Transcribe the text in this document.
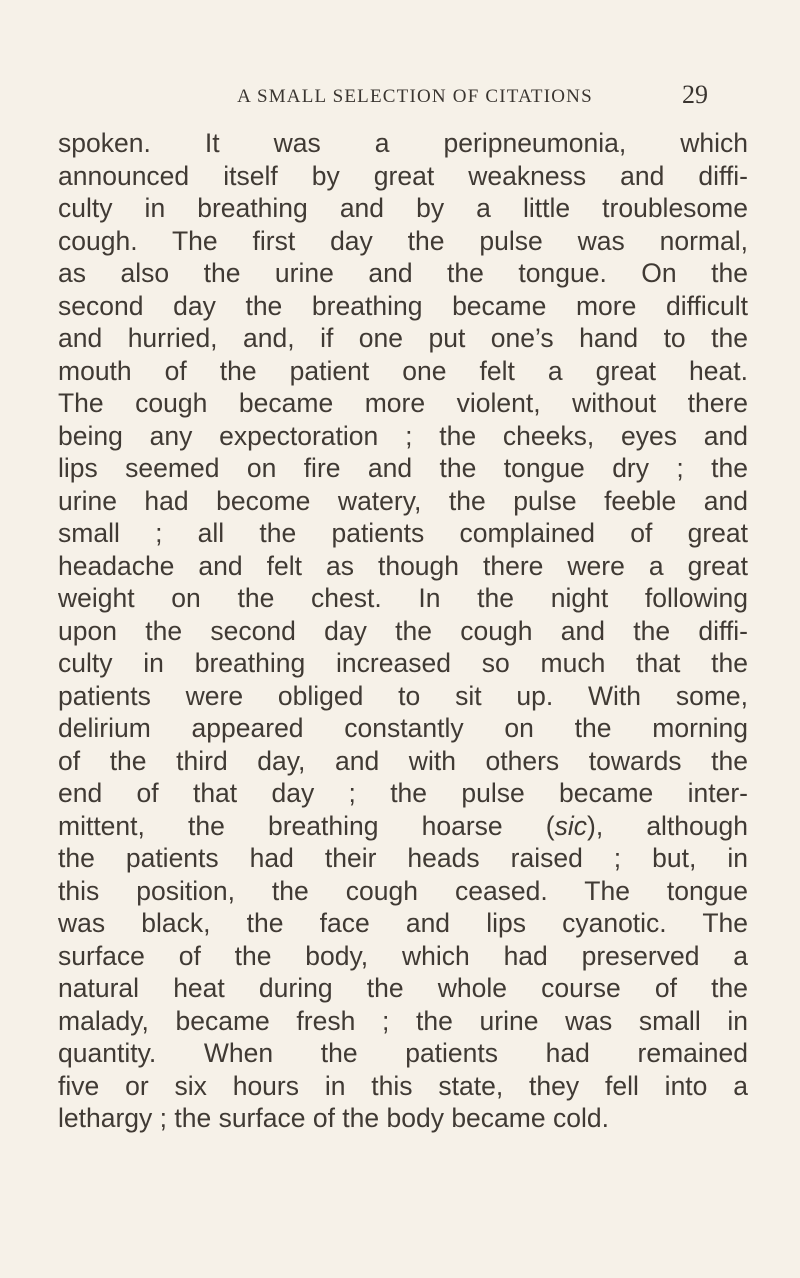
A SMALL SELECTION OF CITATIONS	29
spoken. It was a peripneumonia, which
announced itself by great weakness and diffi-
culty in breathing and by a little troublesome
cough. The first day the pulse was normal,
as also the urine and the tongue. On the
second day the breathing became more difficult
and hurried, and, if one put one’s hand to the
mouth of the patient one felt a great heat.
The cough became more violent, without there
being any expectoration ; the cheeks, eyes and
lips seemed on fire and the tongue dry ; the
urine had become watery, the pulse feeble and
small ; all the patients complained of great
headache and felt as though there were a great
weight on the chest. In the night following
upon the second day the cough and the diffi-
culty in breathing increased so much that the
patients were obliged to sit up. With some,
delirium appeared constantly on the morning
of the third day, and with others towards the
end of that day ; the pulse became inter-
mittent, the breathing hoarse (sic), although
the patients had their heads raised ; but, in
this position, the cough ceased. The tongue
was black, the face and lips cyanotic. The
surface of the body, which had preserved a
natural heat during the whole course of the
malady, became fresh ; the urine was small in
quantity. When the patients had remained
five or six hours in this state, they fell into a
lethargy ; the surface of the body became cold.
